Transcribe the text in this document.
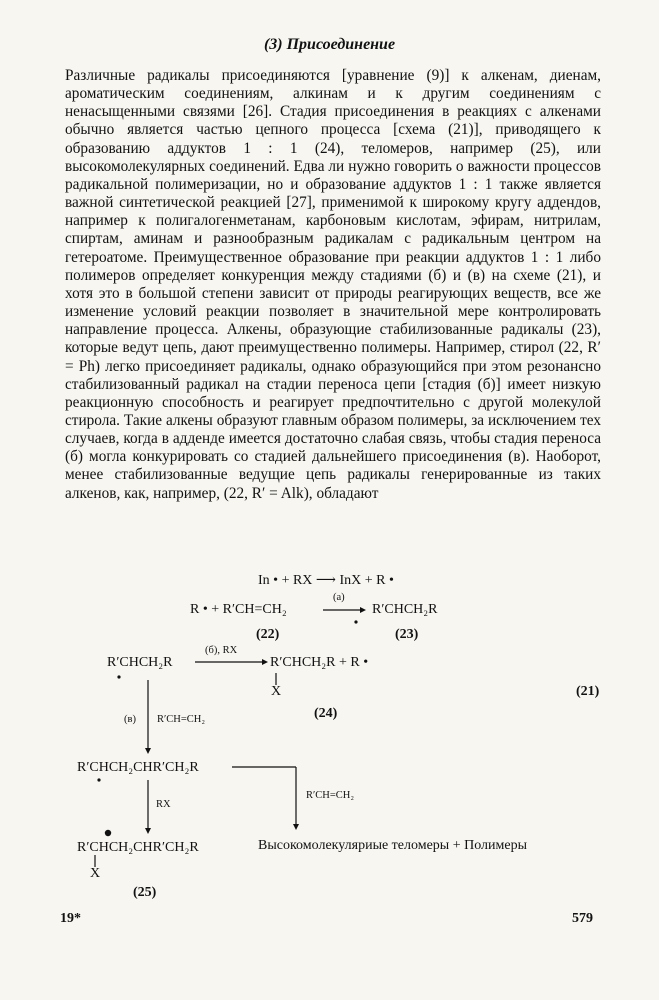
(3) Присоединение

Различные радикалы присоединяются [уравнение (9)] к алкенам, диенам, ароматическим соединениям, алкинам и к другим соединениям с ненасыщенными связями [26]. Стадия присоединения в реакциях с алкенами обычно является частью цепного процесса [схема (21)], приводящего к образованию аддуктов 1 : 1 (24), теломеров, например (25), или высокомолекулярных соединений. Едва ли нужно говорить о важности процессов радикальной полимеризации, но и образование аддуктов 1 : 1 также является важной синтетической реакцией [27], применимой к широкому кругу аддендов, например к полигалогенметанам, карбоновым кислотам, эфирам, нитрилам, спиртам, аминам и разнообразным радикалам с радикальным центром на гетероатоме. Преимущественное образование при реакции аддуктов 1 : 1 либо полимеров определяет конкуренция между стадиями (б) и (в) на схеме (21), и хотя это в большой степени зависит от природы реагирующих веществ, все же изменение условий реакции позволяет в значительной мере контролировать направление процесса. Алкены, образующие стабилизованные радикалы (23), которые ведут цепь, дают преимущественно полимеры. Например, стирол (22, R′ = Ph) легко присоединяет радикалы, однако образующийся при этом резонансно стабилизованный радикал на стадии переноса цепи [стадия (б)] имеет низкую реакционную способность и реагирует предпочтительно с другой молекулой стирола. Такие алкены образуют главным образом полимеры, за исключением тех случаев, когда в адденде имеется достаточно слабая связь, чтобы стадия переноса (б) могла конкурировать со стадией дальнейшего присоединения (в). Наоборот, менее стабилизованные ведущие цепь радикалы генерированные из таких алкенов, как, например, (22, R′ = Alk), обладают

In • + RX ⟶ InX + R •
R • + R′CH=CH₂
(а)
R′CHCH₂R
(22)	(23)
R′CHCH₂R
(б), RX
R′CHCH₂R + R •
X
(24)
(в) R′CH=CH₂
R′CHCH₂CHR′CH₂R
R′CH=CH₂
RX
R′CHCH₂CHR′CH₂R
X
(25)
Высокомолекуляриые теломеры + Полимеры
(21)
19*	579
